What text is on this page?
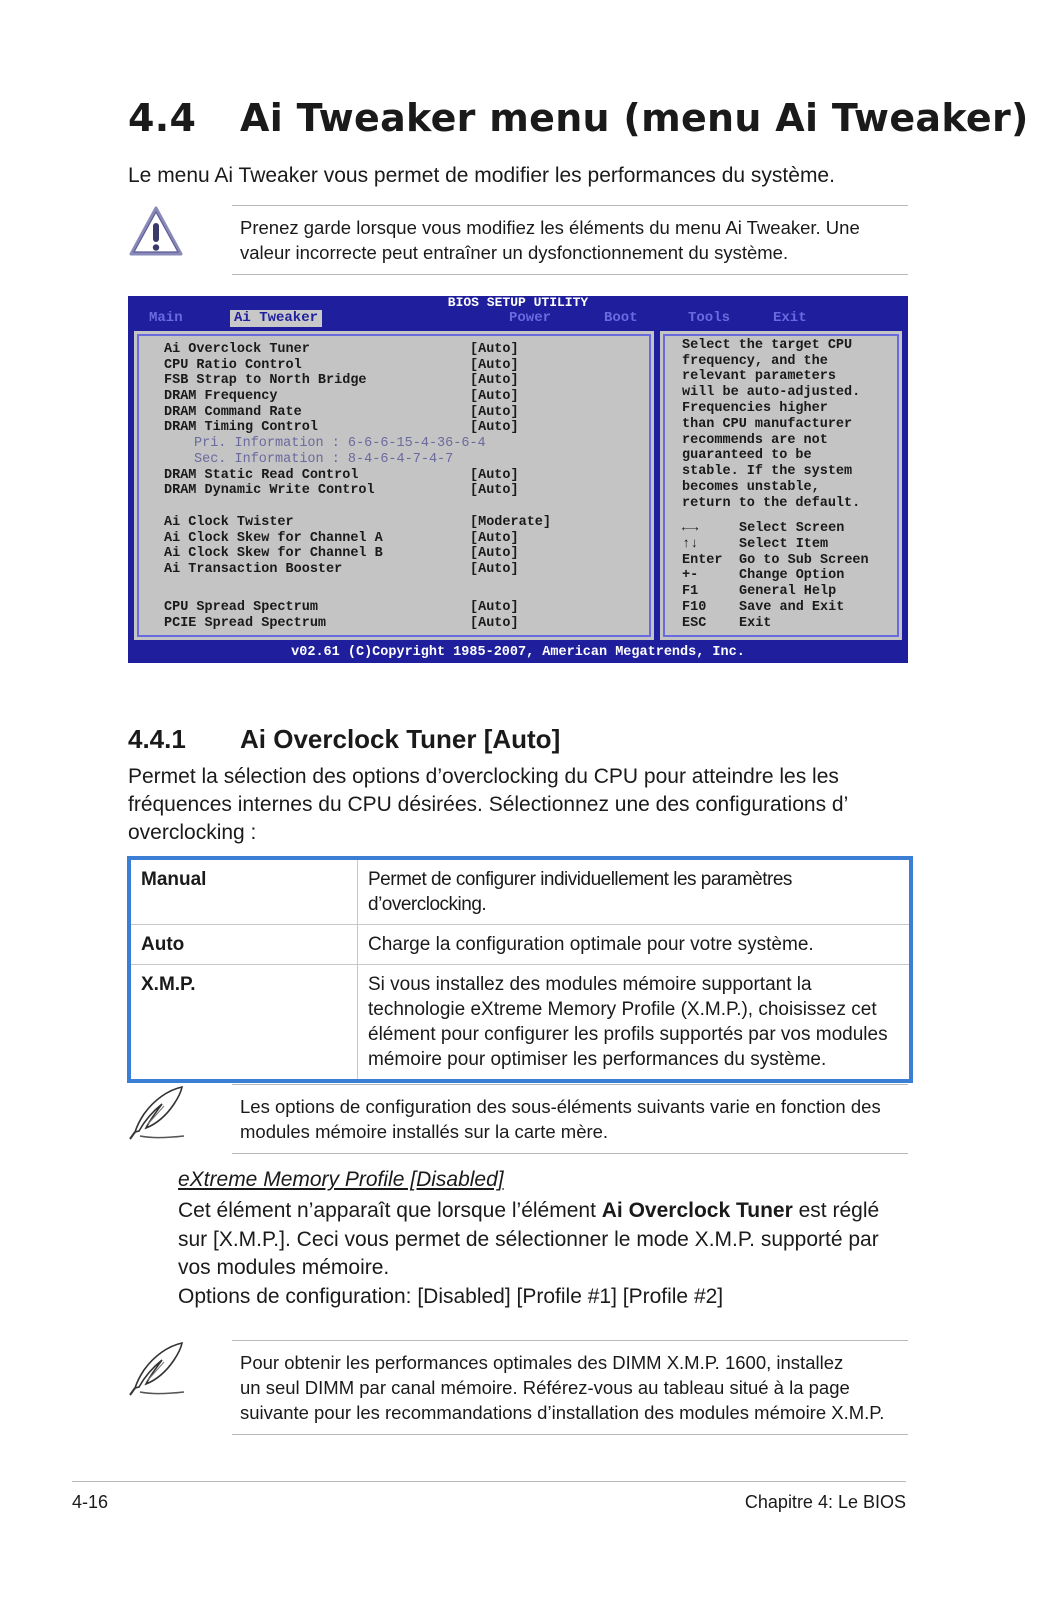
4.4 Ai Tweaker menu (menu Ai Tweaker)

Le menu Ai Tweaker vous permet de modifier les performances du système.

Prenez garde lorsque vous modifiez les éléments du menu Ai Tweaker. Une
valeur incorrecte peut entraîner un dysfonctionnement du système.
BIOS SETUP UTILITY
Main	Ai Tweaker	Power	Boot	Tools	Exit
Ai Overclock Tuner	[Auto]
CPU Ratio Control	[Auto]
FSB Strap to North Bridge	[Auto]
DRAM Frequency	[Auto]
DRAM Command Rate	[Auto]
DRAM Timing Control	[Auto]
Pri. Information : 6-6-6-15-4-36-6-4
Sec. Information : 8-4-6-4-7-4-7
DRAM Static Read Control	[Auto]
DRAM Dynamic Write Control	[Auto]
Ai Clock Twister	[Moderate]
Ai Clock Skew for Channel A	[Auto]
Ai Clock Skew for Channel B	[Auto]
Ai Transaction Booster	[Auto]
CPU Spread Spectrum	[Auto]
PCIE Spread Spectrum	[Auto]
Select the target CPU
frequency, and the
relevant parameters
will be auto-adjusted.
Frequencies higher
than CPU manufacturer
recommends are not
guaranteed to be
stable. If the system
becomes unstable,
return to the default.
←→	Select Screen
↑↓	Select Item
Enter Go to Sub Screen
+-	Change Option
F1	General Help
F10 Save and Exit
ESC Exit
v02.61 (C)Copyright 1985-2007, American Megatrends, Inc.
4.4.1 Ai Overclock Tuner [Auto]
Permet la sélection des options d’overclocking du CPU pour atteindre les les
fréquences internes du CPU désirées. Sélectionnez une des configurations d’
overclocking :
Manual	Permet de configurer individuellement les paramètres d’overclocking.

Auto	Charge la configuration optimale pour votre système.

X.M.P.	Si vous installez des modules mémoire supportant la
technologie eXtreme Memory Profile (X.M.P.), choisissez cet
élément pour configurer les profils supportés par vos modules
mémoire pour optimiser les performances du système.
Les options de configuration des sous-éléments suivants varie en fonction des
modules mémoire installés sur la carte mère.
eXtreme Memory Profile [Disabled]
Cet élément n’apparaît que lorsque l’élément Ai Overclock Tuner est réglé
sur [X.M.P.]. Ceci vous permet de sélectionner le mode X.M.P. supporté par
vos modules mémoire.
Options de configuration: [Disabled] [Profile #1] [Profile #2]
Pour obtenir les performances optimales des DIMM X.M.P. 1600, installez
un seul DIMM par canal mémoire. Référez-vous au tableau situé à la page
suivante pour les recommandations d’installation des modules mémoire X.M.P.
4-16	Chapitre 4: Le BIOS
